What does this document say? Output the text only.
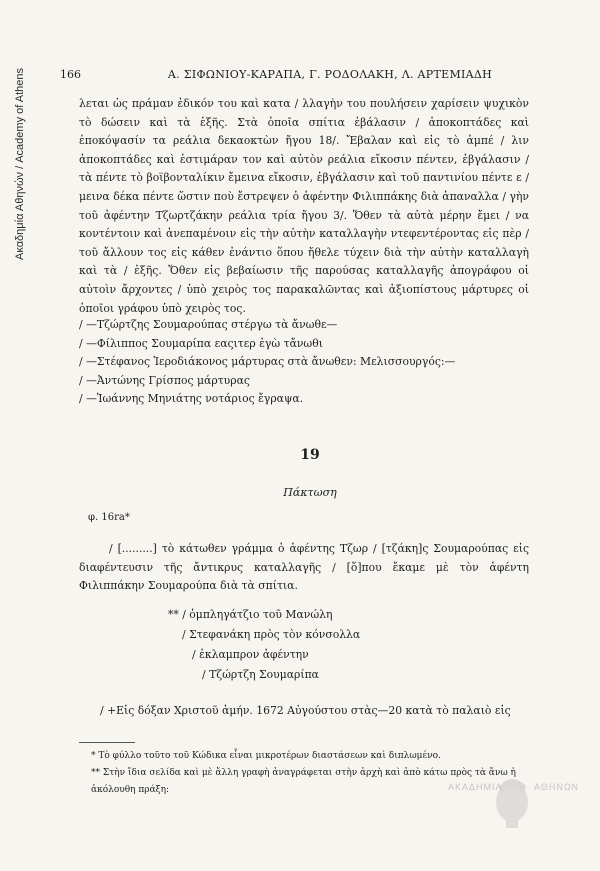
Ακαδημία Αθηνών / Academy of Athens	166	Α. ΣΙΦΩΝΙΟΥ-ΚΑΡΑΠΑ, Γ. ΡΟΔΟΛΑΚΗ, Λ. ΑΡΤΕΜΙΑΔΗ
λεται ὡς πράμαν ἐδικόν του καὶ κατα / λλαγὴν του πουλήσειν χαρίσειν ψυχικὸν τὸ δώσειν καὶ τὰ ἑξῆς. Στὰ ὁποῖα σπίτια ἐβάλασιν / ἀποκοπτάδες καὶ ἐποκόψασίν τα ρεάλια δεκαοκτὼν ἤγου 18/. Ἔβαλαν καὶ εἰς τὸ ἀμπέ / λιν ἀποκοπτάδες καὶ ἐστιμάραν τον καὶ αὐτὸν ρεάλια εἴκοσιν πέντεν, ἐβγάλασιν / τὰ πέντε τὸ βοϊβονταλίκιν ἔμεινα εἴκοσιν, ἐβγάλασιν καὶ τοῦ παντινίου πέντε ε / μεινα δέκα πέντε ὥστιν ποὺ ἔστρεψεν ὁ ἀφέντην Φιλιππάκης διὰ ἀπαναλλα / γὴν τοῦ ἀφέντην Τζωρτζάκην ρεάλια τρία ἤγου 3/. Ὅθεν τὰ αὐτὰ μέρην ἔμει / να κοντέντοιν καὶ ἀνεπαμένοιν εἰς τὴν αὐτὴν καταλλαγὴν ντεφεντέροντας εἰς πὲρ / τοῦ ἄλλουν τος εἰς κάθεν ἐνάντιο ὅπου ἤθελε τύχειν διὰ τὴν αὐτὴν καταλλαγὴ καὶ τὰ / ἑξῆς. Ὅθεν εἰς βεβαίωσιν τῆς παρούσας καταλλαγῆς ἀπογράφου οἱ αὐτοὶν ἄρχοντες / ὑπὸ χειρὸς τος παρακαλῶντας καὶ ἀξιοπίστους μάρτυρες οἱ ὁποῖοι γράφου ὑπὸ χειρὸς τος.
/ —Τζώρτζης Σουμαρούπας στέργω τὰ ἄνωθε—
/ —Φίλιππος Σουμαρίπα εαςιτερ ἐγὼ τἄνωθι
/ —Στέφανος Ἱεροδιάκονος μάρτυρας στὰ ἄνωθεν: Μελισσουργός:—
/ —Ἀντώνης Γρίσπος μάρτυρας
/ —Ἰωάννης Μηνιάτης νοτάριος ἔγραψα.
19
Πάκτωση
φ. 16ra*
/ [.........] τὸ κάτωθεν γράμμα ὁ ἀφέντης Τζωρ / [τζάκη]ς Σουμαρούπας εἰς διαφέντευσιν τῆς ἄντικρυς καταλλαγῆς / [ὅ]που ἔκαμε μὲ τὸν ἀφέντη Φιλιππάκην Σουμαρούπα διὰ τὰ σπίτια.
** / ὀμπληγάτζιο τοῦ Μανώλη
/ Στεφανάκη πρὸς τὸν κόνσολλα
/ ἐκλαμπρον ἀφέντην
/ Τζώρτζη Σουμαρίπα
/ +Εἰς δόξαν Χριστοῦ ἀμήν. 1672 Αὐγούστου στὰς—20 κατὰ τὸ παλαιὸ εἰς
* Τὸ φύλλο τοῦτο τοῦ Κώδικα εἶναι μικροτέρων διαστάσεων καὶ διπλωμένο.
** Στὴν ἴδια σελίδα καὶ μὲ ἄλλη γραφὴ ἀναγράφεται στὴν ἀρχὴ καὶ ἀπὸ κάτω πρὸς τὰ ἄνω ἡ ἀκόλουθη πράξη:	ΑΚΑΔΗΜΙΑ	ΑΘΗΝΩΝ
